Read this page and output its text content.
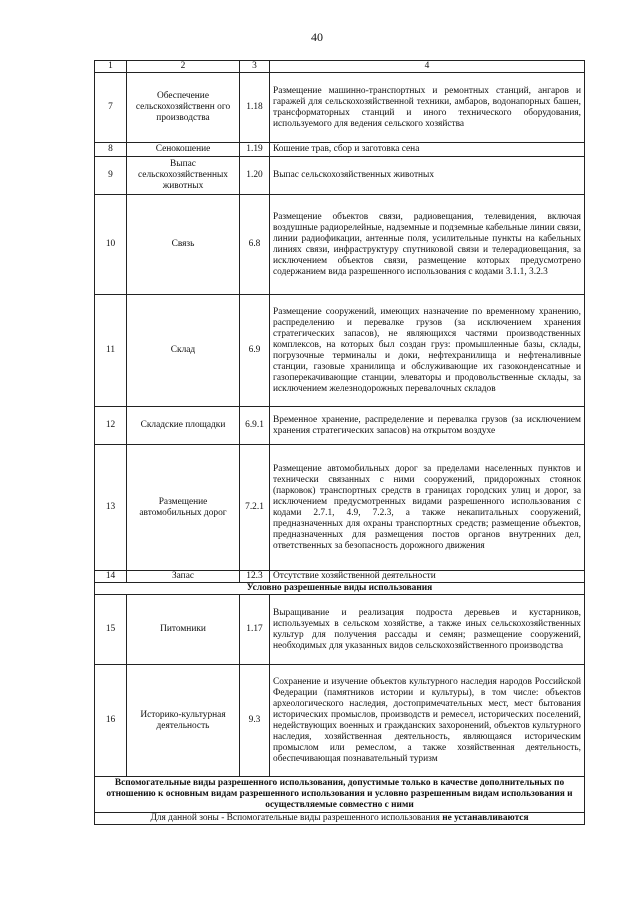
40
1	2	3	4
7	Обеспечение сельскохозяйственн ого производства	1.18	Размещение машинно-транспортных и ремонтных станций, ангаров и гаражей для сельскохозяйственной техники, амбаров, водонапорных башен, трансформаторных станций и иного технического оборудования, используемого для ведения сельского хозяйства
8	Сенокошение	1.19	Кошение трав, сбор и заготовка сена
9	Выпас сельскохозяйственных животных	1.20	Выпас сельскохозяйственных животных
10	Связь	6.8	Размещение объектов связи, радиовещания, телевидения, включая воздушные радиорелейные, надземные и подземные кабельные линии связи, линии радиофикации, антенные поля, усилительные пункты на кабельных линиях связи, инфраструктуру спутниковой связи и телерадиовещания, за исключением объектов связи, размещение которых предусмотрено содержанием вида разрешенного использования с кодами 3.1.1, 3.2.3
11	Склад	6.9	Размещение сооружений, имеющих назначение по временному хранению, распределению и перевалке грузов (за исключением хранения стратегических запасов), не являющихся частями производственных комплексов, на которых был создан груз: промышленные базы, склады, погрузочные терминалы и доки, нефтехранилища и нефтеналивные станции, газовые хранилища и обслуживающие их газоконденсатные и газоперекачивающие станции, элеваторы и продовольственные склады, за исключением железнодорожных перевалочных складов
12	Складские площадки	6.9.1	Временное хранение, распределение и перевалка грузов (за исключением хранения стратегических запасов) на открытом воздухе
13	Размещение автомобильных дорог	7.2.1	Размещение автомобильных дорог за пределами населенных пунктов и технически связанных с ними сооружений, придорожных стоянок (парковок) транспортных средств в границах городских улиц и дорог, за исключением предусмотренных видами разрешенного использования с кодами 2.7.1, 4.9, 7.2.3, а также некапитальных сооружений, предназначенных для охраны транспортных средств; размещение объектов, предназначенных для размещения постов органов внутренних дел, ответственных за безопасность дорожного движения
14	Запас	12.3	Отсутствие хозяйственной деятельности
Условно разрешенные виды использования			
15	Питомники	1.17	Выращивание и реализация подроста деревьев и кустарников, используемых в сельском хозяйстве, а также иных сельскохозяйственных культур для получения рассады и семян; размещение сооружений, необходимых для указанных видов сельскохозяйственного производства
16	Историко-культурная деятельность	9.3	Сохранение и изучение объектов культурного наследия народов Российской Федерации (памятников истории и культуры), в том числе: объектов археологического наследия, достопримечательных мест, мест бытования исторических промыслов, производств и ремесел, исторических поселений, недействующих военных и гражданских захоронений, объектов культурного наследия, хозяйственная деятельность, являющаяся историческим промыслом или ремеслом, а также хозяйственная деятельность, обеспечивающая познавательный туризм
Вспомогательные виды разрешенного использования, допустимые только в качестве дополнительных по отношению к основным видам разрешенного использования и условно разрешенным видам использования и осуществляемые совместно с ними			
Для данной зоны - Вспомогательные виды разрешенного использования не устанавливаются			
